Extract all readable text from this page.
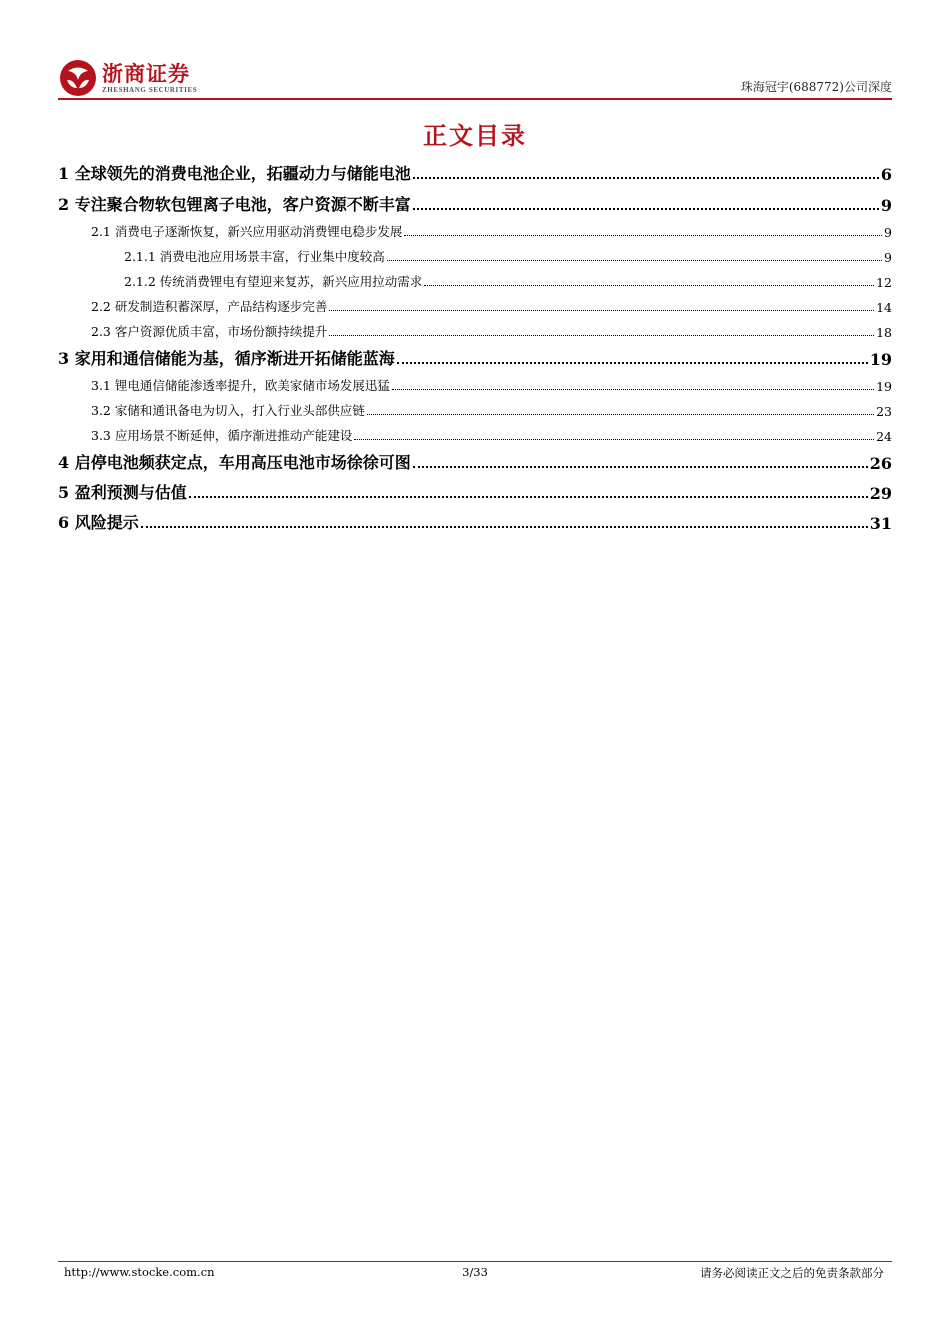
浙商证券
ZHESHANG SECURITIES	珠海冠宇(688772)公司深度
正文目录
1 全球领先的消费电池企业，拓疆动力与储能电池	6
2 专注聚合物软包锂离子电池，客户资源不断丰富	9
2.1 消费电子逐渐恢复，新兴应用驱动消费锂电稳步发展	9
2.1.1 消费电池应用场景丰富，行业集中度较高	9
2.1.2 传统消费锂电有望迎来复苏，新兴应用拉动需求	12
2.2 研发制造积蓄深厚，产品结构逐步完善	14
2.3 客户资源优质丰富，市场份额持续提升	18
3 家用和通信储能为基，循序渐进开拓储能蓝海	19
3.1 锂电通信储能渗透率提升，欧美家储市场发展迅猛	19
3.2 家储和通讯备电为切入，打入行业头部供应链	23
3.3 应用场景不断延伸，循序渐进推动产能建设	24
4 启停电池频获定点，车用高压电池市场徐徐可图	26
5 盈利预测与估值	29
6 风险提示	31
http://www.stocke.com.cn	3/33	请务必阅读正文之后的免责条款部分
